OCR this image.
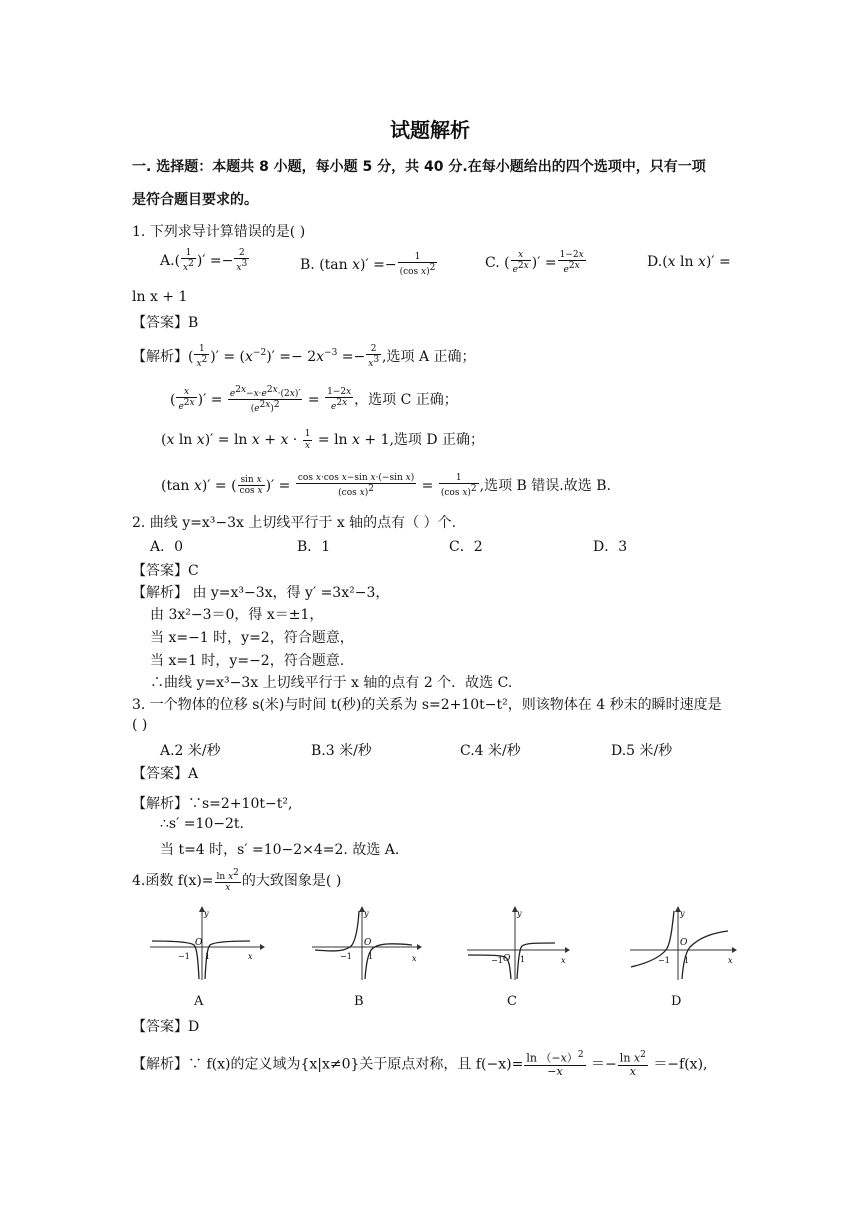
试题解析
一. 选择题：本题共 8 小题，每小题 5 分，共 40 分.在每小题给出的四个选项中，只有一项
是符合题目要求的。
1. 下列求导计算错误的是( )
$A.( \frac{1}{x^2}$ )′ =− $\frac{2}{x^3}$	B. (tan $x)' =- \frac{1}{(\cos x)^2}$	C. ( $\frac{x}{e^{2x}}$ )′ = $\frac{1-2x}{e^{2x}}$	D.(x ln x)′ =
ln x + 1
【答案】B
【解析】( $\frac{1}{x^2}$ )′ = $(x^{-2})' =- 2x^{-3} =- \frac{2}{x^3}$ ,选项 A 正确；
( $\frac{x}{e^{2x}}$ )′ = $\frac{e^{2x}-x\cdot e^{2x}\cdot(2x)'}{(e^{2x})^2} = \frac{1-2x}{e^{2x}}$ ，选项 C 正确；
(x $\ln x)' = \ln x + x \cdot \frac{1}{x} = \ln x + 1$,选项 D 正确；
(tan x)′ = ( $\frac{\text{sin x}}{\text{cos x}}$ )′ = $\frac{\text{cos x·cos x−sin x·(−sin x)}}{(\cos x)^2} = \frac{1}{(\cos x)^2}$ ,选项 B 错误.故选 B.
2. 曲线 y=x³−3x 上切线平行于 x 轴的点有（ ）个.
A．0	B．1	C．2	D．3
【答案】C
【解析】 由 y=x³−3x，得 y′ =3x²−3，
由 3x²−3＝0，得 x＝±1，
当 x=−1 时，y=2，符合题意，
当 x=1 时，y=−2，符合题意.
∴曲线 y=x³−3x 上切线平行于 x 轴的点有 2 个．故选 C.
3. 一个物体的位移 s(米)与时间 t(秒)的关系为 s=2+10t−t²，则该物体在 4 秒末的瞬时速度是
( )
A.2 米/秒	B.3 米/秒	C.4 米/秒	D.5 米/秒
【答案】A
【解析】∵s=2+10t−t²,
∴s′ =10−2t.
当 t=4 时，s′ =10−2×4=2. 故选 A.
4.函数 $f(x)= \frac{\ln x^2}{x}$ 的大致图象是( )
y
x
O
−1 1
A
y
x
O
−1 1
B
y
x
O
−1 1
C
y
x
O
−1 1
D
【答案】D
【解析】∵ f(x)的定义域为{x|x≠0}关于原点对称，且 $f(-x)= \frac{\ln (-x)^2}{-x} =- \frac{\ln x^2}{x} =-f(x)$,
